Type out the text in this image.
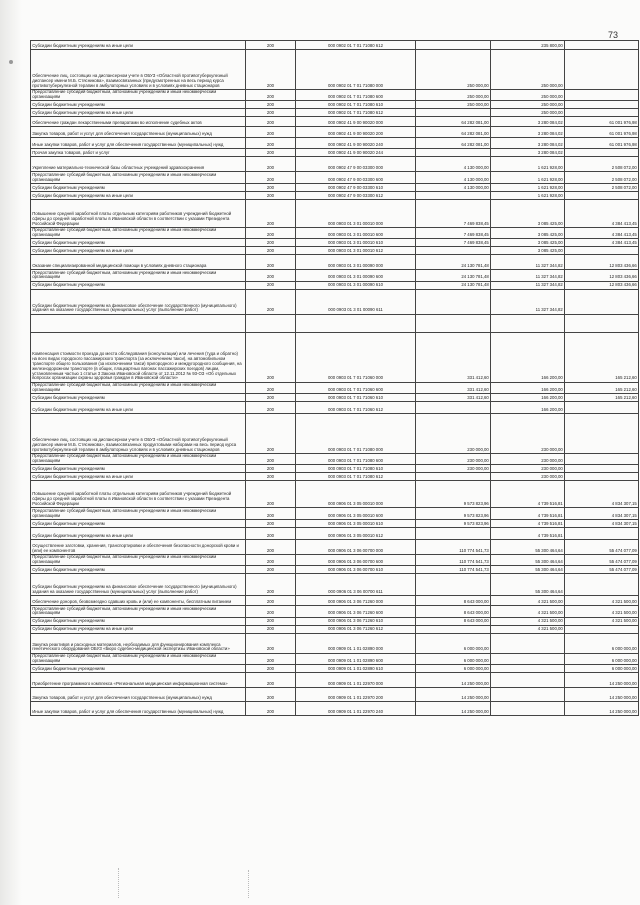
73
Субсидии бюджетным учреждениям на иные цели	200	000 0902 01 7 01 71080 612		235 800,00	
Обеспечение лиц, состоящих на диспансерном учете в ОБУЗ «Областной противотуберкулезный диспансер имени М.Б. Стясникова», взаимосвязанных (предусмотренных на весь период курса противотуберкулезной терапии в амбулаторных условиях и в условиях дневных стационаров	200	000 0902 01 7 01 71080 000	250 000,00	250 000,00	
Предоставление субсидий бюджетным, автономным учреждениям и иным некоммерческим организациям	200	000 0902 01 7 01 71080 600	250 000,00	250 000,00	
Субсидии бюджетным учреждениям	200	000 0902 01 7 01 71080 610	250 000,00	250 000,00	
Субсидии бюджетным учреждениям на иные цели	200	000 0902 01 7 01 71080 612		250 000,00	
Обеспечение граждан лекарственными препаратами во исполнение судебных актов	200	000 0902 41 9 00 90020 000	64 282 081,00	3 280 084,02	61 001 976,98
Закупка товаров, работ и услуг для обеспечения государственных (муниципальных) нужд	200	000 0902 41 9 00 90020 200	64 282 081,00	3 280 084,02	61 001 976,98
Иные закупки товаров, работ и услуг для обеспечения государственных (муниципальных) нужд	200	000 0902 41 9 00 90020 240	64 282 081,00	3 280 084,02	61 001 976,98
Прочая закупка товаров, работ и услуг	200	000 0902 41 9 00 90020 244		3 280 084,02	
Укрепление материально-технической базы областных учреждений здравоохранения	200	000 0902 47 9 00 03300 000	4 130 000,00	1 621 928,00	2 508 072,00
Предоставление субсидий бюджетным, автономным учреждениям и иным некоммерческим организациям	200	000 0902 47 9 00 03300 600	4 130 000,00	1 621 928,00	2 508 072,00
Субсидии бюджетным учреждениям	200	000 0902 47 9 00 03300 610	4 130 000,00	1 621 928,00	2 508 072,00
Субсидии бюджетным учреждениям на иные цели	200	000 0902 47 9 00 03300 612		1 621 928,00	
Повышение средней заработной платы отдельным категориям работников учреждений бюджетной сферы до средней заработной платы в Ивановской области в соответствии с указами Президента Российской Федерации	200	000 0903 01 3 01 00010 000	7 469 838,45	3 085 425,00	4 384 413,45
Предоставление субсидий бюджетным, автономным учреждениям и иным некоммерческим организациям	200	000 0903 01 3 01 00010 600	7 469 838,45	3 085 425,00	4 384 413,45
Субсидии бюджетным учреждениям	200	000 0903 01 3 01 00010 610	7 469 838,45	3 085 425,00	4 384 413,45
Субсидии бюджетным учреждениям на иные цели	200	000 0903 01 3 01 00010 612		3 085 425,00	
Оказание специализированной медицинской помощи в условиях дневного стационара	200	000 0903 01 3 01 00090 000	24 130 781,48	11 327 344,82	12 803 436,66
Предоставление субсидий бюджетным, автономным учреждениям и иным некоммерческим организациям	200	000 0903 01 3 01 00090 600	24 130 781,48	11 327 344,82	12 803 436,66
Субсидии бюджетным учреждениям	200	000 0903 01 3 01 00090 610	24 130 781,48	11 327 344,82	12 803 436,66
Субсидии бюджетным учреждениям на финансовое обеспечение государственного (муниципального) задания на оказание государственных (муниципальных) услуг (выполнение работ)	200	000 0903 01 3 01 00090 611		11 327 344,82	

Компенсация стоимости проезда до места обследования (консультации) или лечения (туда и обратно) на всех видах городского пассажирского транспорта (за исключением такси), на автомобильном транспорте общего пользования (за исключением такси) пригородного и междугородного сообщения, на железнодорожном транспорте (в общих, плацкартных вагонах пассажирских поездов) лицам, установленным частью 1 статьи 3 Закона Ивановской области от 12.11.2012 № 93-ОЗ «Об отдельных вопросах организации охраны здоровья граждан в Ивановской области»	200	000 0903 01 7 01 71060 000	331 412,60	166 200,00	165 212,60
Предоставление субсидий бюджетным, автономным учреждениям и иным некоммерческим организациям	200	000 0903 01 7 01 71060 600	331 412,60	166 200,00	165 212,60
Субсидии бюджетным учреждениям	200	000 0903 01 7 01 71060 610	331 412,60	166 200,00	165 212,60
Субсидии бюджетным учреждениям на иные цели	200	000 0903 01 7 01 71060 612		166 200,00	
Обеспечение лиц, состоящих на диспансерном учете в ОБУЗ «Областной противотуберкулезный диспансер имени М.Б. Стясникова», взаимосвязанных продуктовыми наборами на весь период курса противотуберкулезной терапии в амбулаторных условиях и в условиях дневных стационаров	200	000 0903 01 7 01 71080 000	230 000,00	230 000,00	
Предоставление субсидий бюджетным, автономным учреждениям и иным некоммерческим организациям	200	000 0903 01 7 01 71080 600	230 000,00	230 000,00	
Субсидии бюджетным учреждениям	200	000 0903 01 7 01 71080 610	230 000,00	230 000,00	
Субсидии бюджетным учреждениям на иные цели	200	000 0903 01 7 01 71080 612		230 000,00	
Повышение средней заработной платы отдельным категориям работников учреждений бюджетной сферы до средней заработной платы в Ивановской области в соответствии с указами Президента Российской Федерации	200	000 0906 01 3 05 00010 000	9 573 823,96	4 739 516,81	4 834 307,15
Предоставление субсидий бюджетным, автономным учреждениям и иным некоммерческим организациям	200	000 0906 01 3 05 00010 600	9 573 823,96	4 739 516,81	4 834 307,15
Субсидии бюджетным учреждениям	200	000 0906 01 3 05 00010 610	9 573 823,96	4 739 516,81	4 834 307,15
Субсидии бюджетным учреждениям на иные цели	200	000 0906 01 3 05 00010 612		4 739 516,81	
Осуществление заготовки, хранения, транспортировки и обеспечения безопасности донорской крови и (или) ее компонентов	200	000 0906 01 3 06 00700 000	110 774 541,73	55 300 464,64	55 474 077,09
Предоставление субсидий бюджетным, автономным учреждениям и иным некоммерческим организациям	200	000 0906 01 3 06 00700 600	110 774 541,73	55 300 464,64	55 474 077,09
Субсидии бюджетным учреждениям	200	000 0906 01 3 06 00700 610	110 774 541,73	55 300 464,64	55 474 077,09
Субсидии бюджетным учреждениям на финансовое обеспечение государственного (муниципального) задания на оказание государственных (муниципальных) услуг (выполнение работ)	200	000 0906 01 3 06 00700 611		55 300 464,64	
Обеспечение доноров, безвозмездно сдавших кровь и (или) ее компоненты, бесплатным питанием	200	000 0906 01 3 06 71260 000	8 643 000,00	4 321 500,00	4 321 500,00
Предоставление субсидий бюджетным, автономным учреждениям и иным некоммерческим организациям	200	000 0906 01 3 06 71260 600	8 643 000,00	4 321 500,00	4 321 500,00
Субсидии бюджетным учреждениям	200	000 0906 01 3 06 71260 610	8 643 000,00	4 321 500,00	4 321 500,00
Субсидии бюджетным учреждениям на иные цели	200	000 0906 01 3 06 71260 612		4 321 500,00	
Закупка реактивов и расходных материалов, необходимых для функционирования комплекса генетического оборудования ОБУЗ «Бюро судебно-медицинской экспертизы Ивановской области»	200	000 0909 01 1 01 02890 000	6 000 000,00		6 000 000,00
Предоставление субсидий бюджетным, автономным учреждениям и иным некоммерческим организациям	200	000 0909 01 1 01 02890 600	6 000 000,00		6 000 000,00
Субсидии бюджетным учреждениям	200	000 0909 01 1 01 02890 610	6 000 000,00		6 000 000,00
Приобретение программного комплекса «Региональная медицинская информационная система»	200	000 0909 01 1 01 22970 000	14 250 000,00		14 250 000,00
Закупка товаров, работ и услуг для обеспечения государственных (муниципальных) нужд	200	000 0909 01 1 01 22970 200	14 250 000,00		14 250 000,00
Иные закупки товаров, работ и услуг для обеспечения государственных (муниципальных) нужд	200	000 0909 01 1 01 22970 240	14 250 000,00		14 250 000,00
